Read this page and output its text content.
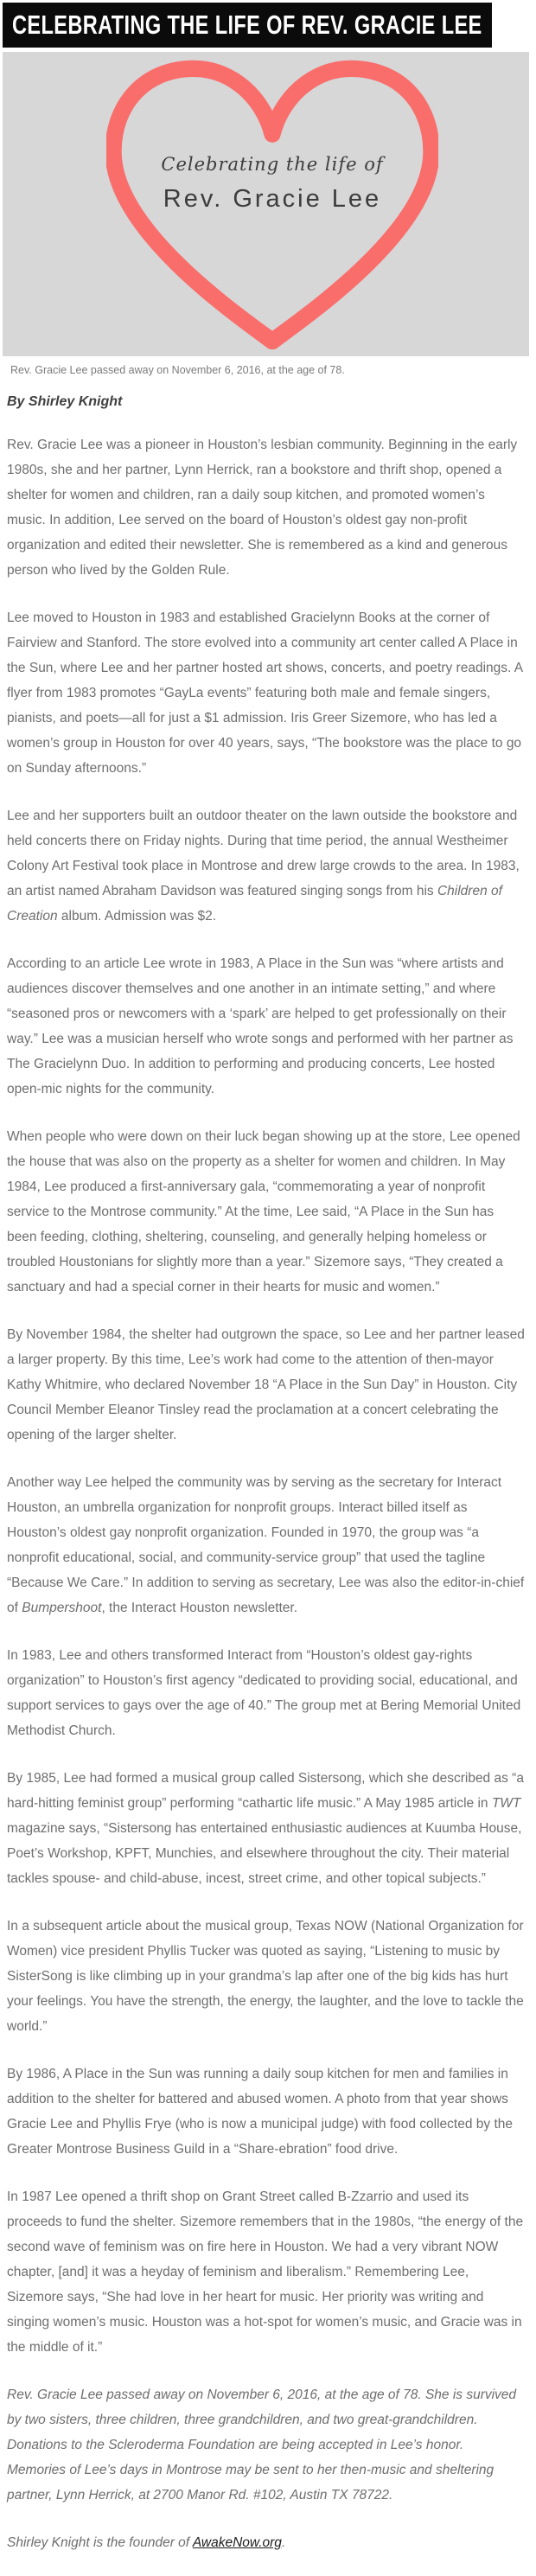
CELEBRATING THE LIFE OF REV. GRACIE LEE
Celebrating the life of
Rev. Gracie Lee
Rev. Gracie Lee passed away on November 6, 2016, at the age of 78.
By Shirley Knight

Rev. Gracie Lee was a pioneer in Houston’s lesbian community. Beginning in the early 1980s, she and her partner, Lynn Herrick, ran a bookstore and thrift shop, opened a shelter for women and children, ran a daily soup kitchen, and promoted women’s music. In addition, Lee served on the board of Houston’s oldest gay non-profit organization and edited their newsletter. She is remembered as a kind and generous person who lived by the Golden Rule.

Lee moved to Houston in 1983 and established Gracielynn Books at the corner of Fairview and Stanford. The store evolved into a community art center called A Place in the Sun, where Lee and her partner hosted art shows, concerts, and poetry readings. A flyer from 1983 promotes “GayLa events” featuring both male and female singers, pianists, and poets—all for just a $1 admission. Iris Greer Sizemore, who has led a women’s group in Houston for over 40 years, says, “The bookstore was the place to go on Sunday afternoons.”

Lee and her supporters built an outdoor theater on the lawn outside the bookstore and held concerts there on Friday nights. During that time period, the annual Westheimer Colony Art Festival took place in Montrose and drew large crowds to the area. In 1983, an artist named Abraham Davidson was featured singing songs from his Children of Creation album. Admission was $2.

According to an article Lee wrote in 1983, A Place in the Sun was “where artists and audiences discover themselves and one another in an intimate setting,” and where “seasoned pros or newcomers with a ‘spark’ are helped to get professionally on their way.” Lee was a musician herself who wrote songs and performed with her partner as The Gracielynn Duo. In addition to performing and producing concerts, Lee hosted open-mic nights for the community.

When people who were down on their luck began showing up at the store, Lee opened the house that was also on the property as a shelter for women and children. In May 1984, Lee produced a first-anniversary gala, “commemorating a year of nonprofit service to the Montrose community.” At the time, Lee said, “A Place in the Sun has been feeding, clothing, sheltering, counseling, and generally helping homeless or troubled Houstonians for slightly more than a year.” Sizemore says, “They created a sanctuary and had a special corner in their hearts for music and women.”

By November 1984, the shelter had outgrown the space, so Lee and her partner leased a larger property. By this time, Lee’s work had come to the attention of then-mayor Kathy Whitmire, who declared November 18 “A Place in the Sun Day” in Houston. City Council Member Eleanor Tinsley read the proclamation at a concert celebrating the opening of the larger shelter.

Another way Lee helped the community was by serving as the secretary for Interact Houston, an umbrella organization for nonprofit groups. Interact billed itself as Houston’s oldest gay nonprofit organization. Founded in 1970, the group was “a nonprofit educational, social, and community-service group” that used the tagline “Because We Care.” In addition to serving as secretary, Lee was also the editor-in-chief of Bumpershoot, the Interact Houston newsletter.

In 1983, Lee and others transformed Interact from “Houston’s oldest gay-rights organization” to Houston’s first agency “dedicated to providing social, educational, and support services to gays over the age of 40.” The group met at Bering Memorial United Methodist Church.

By 1985, Lee had formed a musical group called Sistersong, which she described as “a hard-hitting feminist group” performing “cathartic life music.” A May 1985 article in TWT magazine says, “Sistersong has entertained enthusiastic audiences at Kuumba House, Poet’s Workshop, KPFT, Munchies, and elsewhere throughout the city. Their material tackles spouse- and child-abuse, incest, street crime, and other topical subjects.”

In a subsequent article about the musical group, Texas NOW (National Organization for Women) vice president Phyllis Tucker was quoted as saying, “Listening to music by SisterSong is like climbing up in your grandma’s lap after one of the big kids has hurt your feelings. You have the strength, the energy, the laughter, and the love to tackle the world.”

By 1986, A Place in the Sun was running a daily soup kitchen for men and families in addition to the shelter for battered and abused women. A photo from that year shows Gracie Lee and Phyllis Frye (who is now a municipal judge) with food collected by the Greater Montrose Business Guild in a “Share-ebration” food drive.

In 1987 Lee opened a thrift shop on Grant Street called B-Zzarrio and used its proceeds to fund the shelter. Sizemore remembers that in the 1980s, “the energy of the second wave of feminism was on fire here in Houston. We had a very vibrant NOW chapter, [and] it was a heyday of feminism and liberalism.” Remembering Lee, Sizemore says, “She had love in her heart for music. Her priority was writing and singing women’s music. Houston was a hot-spot for women’s music, and Gracie was in the middle of it.”

Rev. Gracie Lee passed away on November 6, 2016, at the age of 78. She is survived by two sisters, three children, three grandchildren, and two great-grandchildren. Donations to the Scleroderma Foundation are being accepted in Lee’s honor. Memories of Lee’s days in Montrose may be sent to her then-music and sheltering partner, Lynn Herrick, at 2700 Manor Rd. #102, Austin TX 78722.

Shirley Knight is the founder of AwakeNow.org.
